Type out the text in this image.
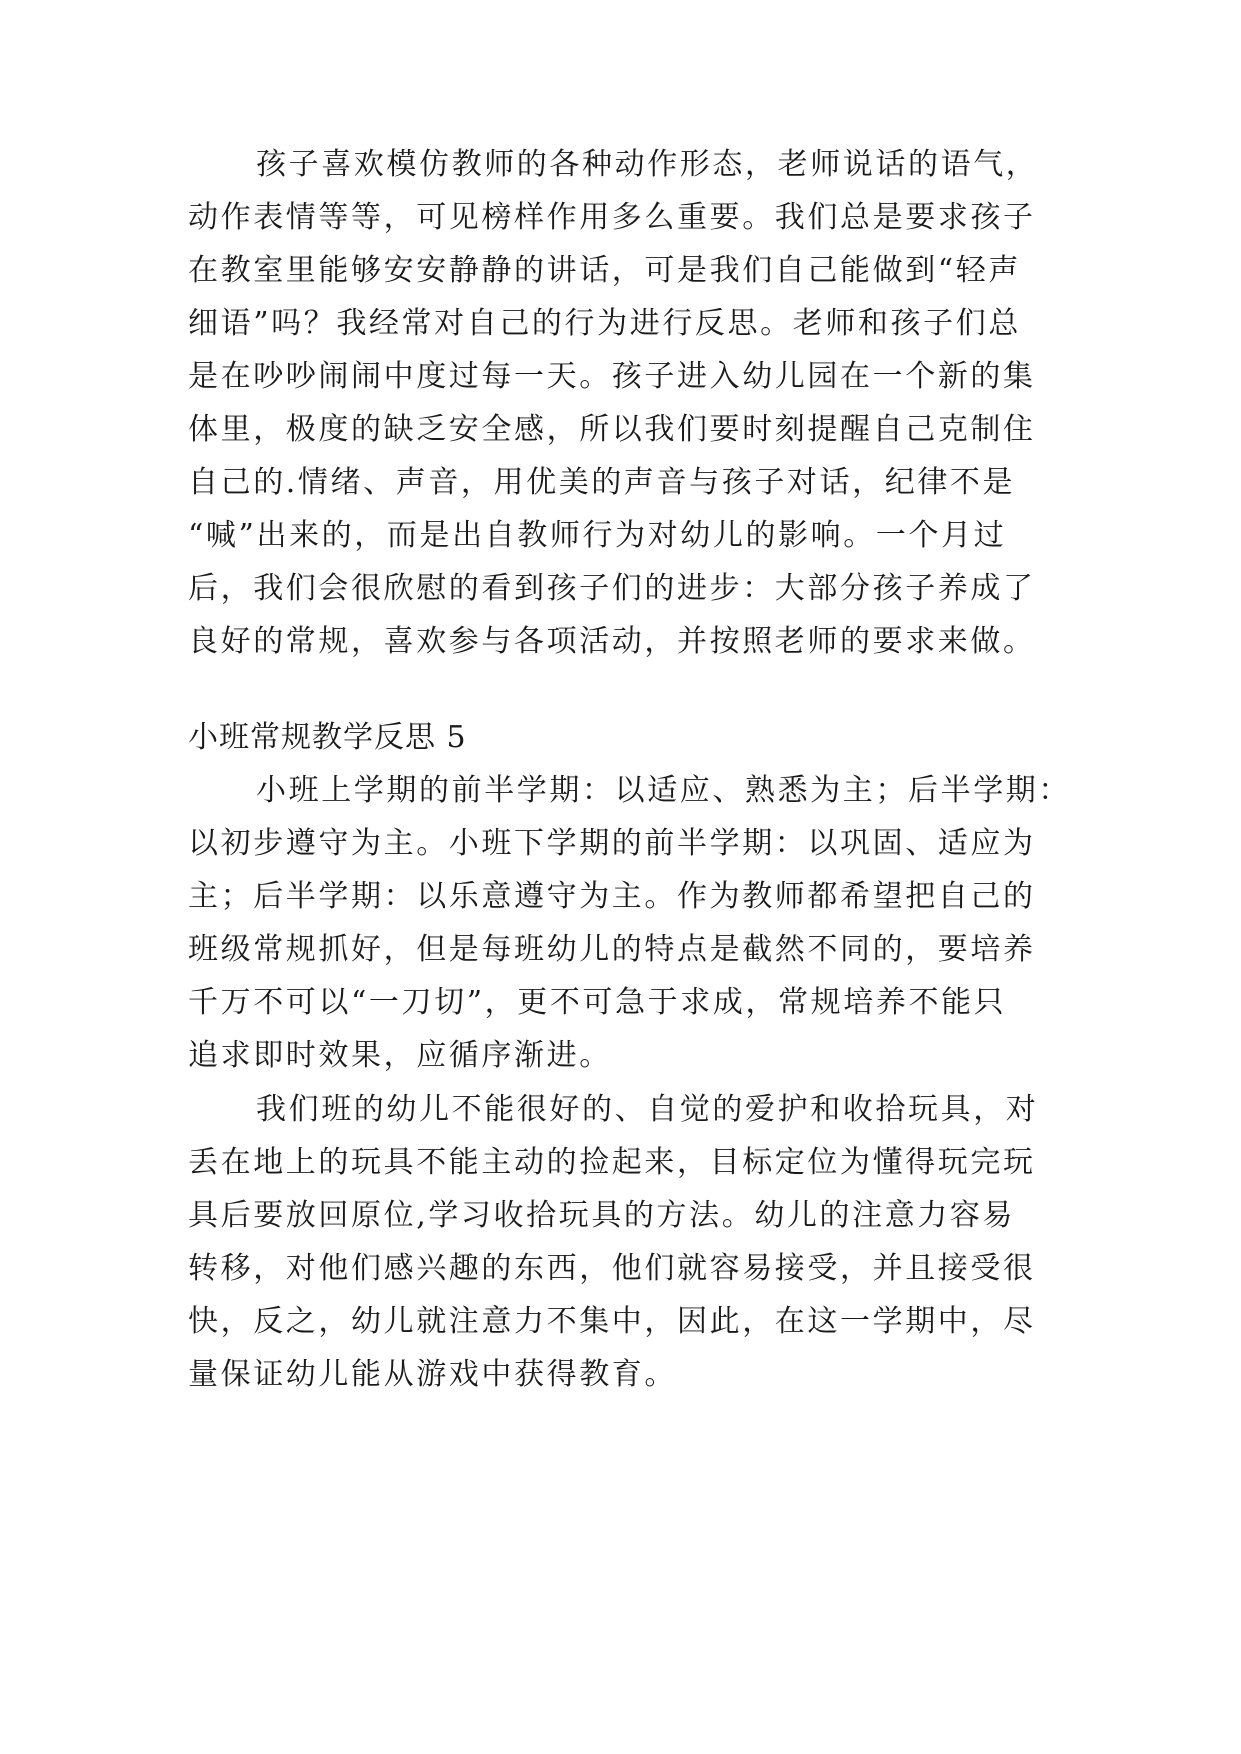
孩子喜欢模仿教师的各种动作形态，老师说话的语气，
动作表情等等，可见榜样作用多么重要。我们总是要求孩子
在教室里能够安安静静的讲话，可是我们自己能做到“轻声
细语”吗？我经常对自己的行为进行反思。老师和孩子们总
是在吵吵闹闹中度过每一天。孩子进入幼儿园在一个新的集
体里，极度的缺乏安全感，所以我们要时刻提醒自己克制住
自己的.情绪、声音，用优美的声音与孩子对话，纪律不是
“喊”出来的，而是出自教师行为对幼儿的影响。一个月过
后，我们会很欣慰的看到孩子们的进步：大部分孩子养成了
良好的常规，喜欢参与各项活动，并按照老师的要求来做。
小班常规教学反思 5
小班上学期的前半学期：以适应、熟悉为主；后半学期：
以初步遵守为主。小班下学期的前半学期：以巩固、适应为
主；后半学期：以乐意遵守为主。作为教师都希望把自己的
班级常规抓好，但是每班幼儿的特点是截然不同的，要培养
千万不可以“一刀切”，更不可急于求成，常规培养不能只
追求即时效果，应循序渐进。
我们班的幼儿不能很好的、自觉的爱护和收拾玩具，对
丢在地上的玩具不能主动的捡起来，目标定位为懂得玩完玩
具后要放回原位,学习收拾玩具的方法。幼儿的注意力容易
转移，对他们感兴趣的东西，他们就容易接受，并且接受很
快，反之，幼儿就注意力不集中，因此，在这一学期中，尽
量保证幼儿能从游戏中获得教育。
